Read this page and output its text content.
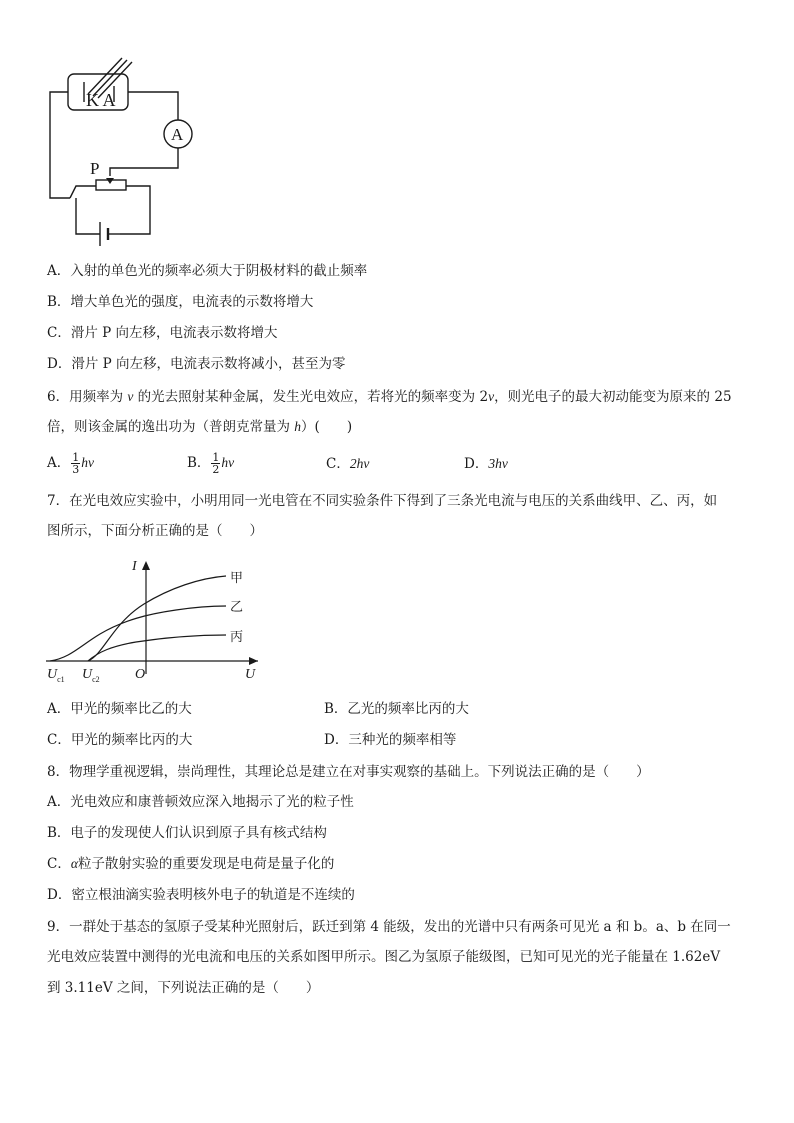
K A
A
P
A．入射的单色光的频率必须大于阴极材料的截止频率
B．增大单色光的强度，电流表的示数将增大
C．滑片 P 向左移，电流表示数将增大
D．滑片 P 向左移，电流表示数将减小，甚至为零
6．用频率为 ν 的光去照射某种金属，发生光电效应，若将光的频率变为 2ν，则光电子的最大初动能变为原来的 25
倍，则该金属的逸出功为（普朗克常量为 h）(　　)
A． $\frac{1}{3}$ hν	B． $\frac{1}{2}$ hν	C．2hν	D．3hν
7．在光电效应实验中，小明用同一光电管在不同实验条件下得到了三条光电流与电压的关系曲线甲、乙、丙，如
图所示，下面分析正确的是（　　）
I
U
O
$U_{c1}$ $U_{c2}$
甲
乙
丙
A．甲光的频率比乙的大	B．乙光的频率比丙的大
C．甲光的频率比丙的大	D．三种光的频率相等
8．物理学重视逻辑，崇尚理性，其理论总是建立在对事实观察的基础上。下列说法正确的是（　　）
A．光电效应和康普顿效应深入地揭示了光的粒子性
B．电子的发现使人们认识到原子具有核式结构
C．α粒子散射实验的重要发现是电荷是量子化的
D．密立根油滴实验表明核外电子的轨道是不连续的
9．一群处于基态的氢原子受某种光照射后，跃迁到第 4 能级，发出的光谱中只有两条可见光 a 和 b。a、b 在同一
光电效应装置中测得的光电流和电压的关系如图甲所示。图乙为氢原子能级图，已知可见光的光子能量在 1.62eV
到 3.11eV 之间，下列说法正确的是（　　）
